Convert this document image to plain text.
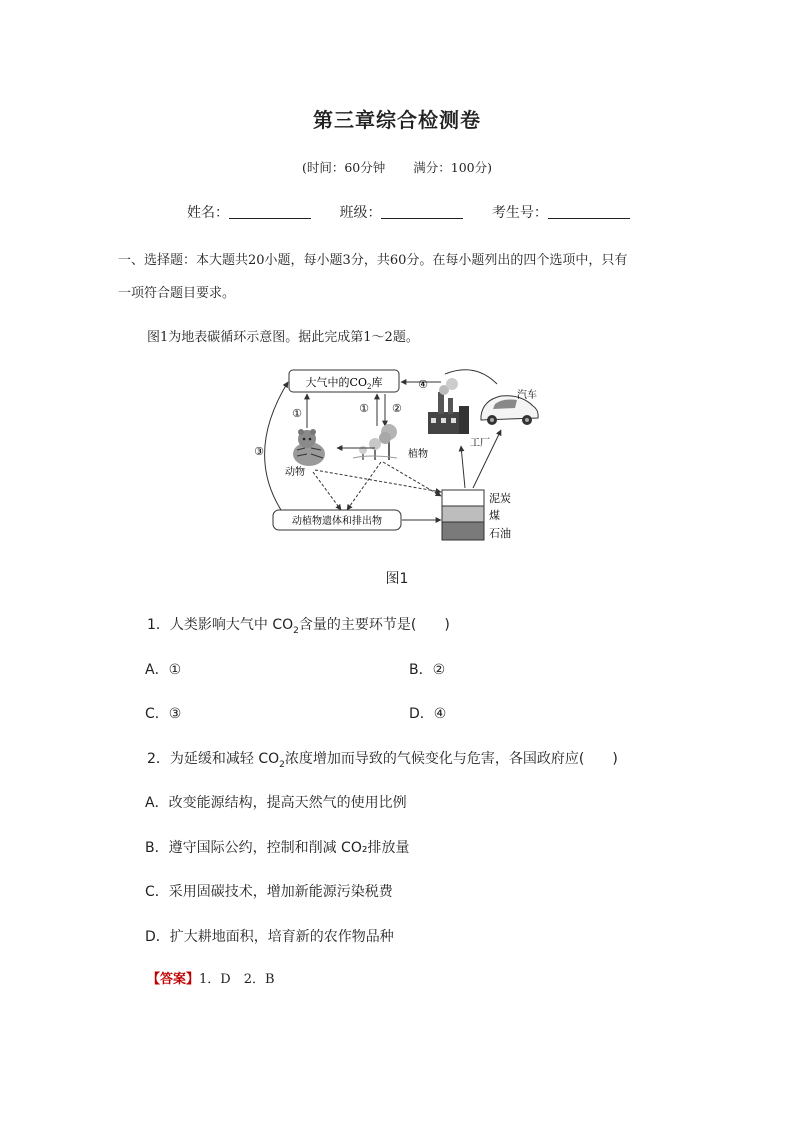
第三章综合检测卷
(时间：60分钟 满分：100分)
姓名：	班级：	考生号：
一、选择题：本大题共20小题，每小题3分，共60分。在每小题列出的四个选项中，只有
一项符合题目要求。
图1为地表碳循环示意图。据此完成第1～2题。
大气中的$CO_2$库
①	① ②
③
④
工厂
汽车
动物
植物
动植物遗体和排出物
泥炭
煤
石油
图1
1．人类影响大气中 $CO_2$含量的主要环节是(　　)
A．①	B．②
C．③	D．④
2．为延缓和减轻 $CO_2$浓度增加而导致的气候变化与危害，各国政府应(　　)
A．改变能源结构，提高天然气的使用比例
B．遵守国际公约，控制和削减 CO₂排放量
C．采用固碳技术，增加新能源污染税费
D．扩大耕地面积，培育新的农作物品种
【答案】1．D　2．B
